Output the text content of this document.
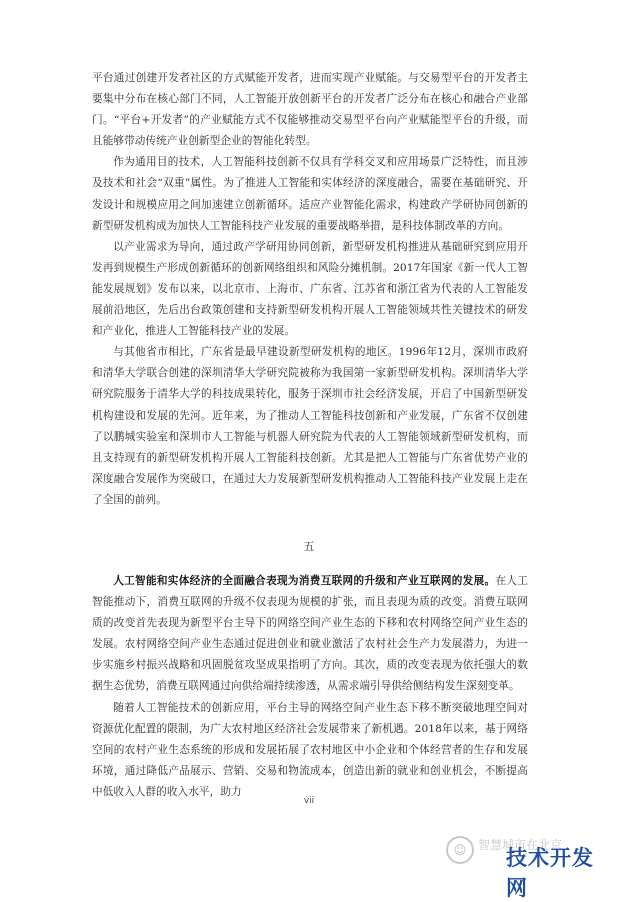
平台通过创建开发者社区的方式赋能开发者，进而实现产业赋能。与交易型平台的开发者主要集中分布在核心部门不同，人工智能开放创新平台的开发者广泛分布在核心和融合产业部门。“平台+开发者”的产业赋能方式不仅能够推动交易型平台向产业赋能型平台的升级，而且能够带动传统产业创新型企业的智能化转型。

作为通用目的技术，人工智能科技创新不仅具有学科交叉和应用场景广泛特性，而且涉及技术和社会“双重”属性。为了推进人工智能和实体经济的深度融合，需要在基础研究、开发设计和规模应用之间加速建立创新循环。适应产业智能化需求，构建政产学研协同创新的新型研发机构成为加快人工智能科技产业发展的重要战略举措，是科技体制改革的方向。

以产业需求为导向，通过政产学研用协同创新，新型研发机构推进从基础研究到应用开发再到规模生产形成创新循环的创新网络组织和风险分摊机制。2017年国家《新一代人工智能发展规划》发布以来，以北京市、上海市、广东省、江苏省和浙江省为代表的人工智能发展前沿地区，先后出台政策创建和支持新型研发机构开展人工智能领域共性关键技术的研发和产业化，推进人工智能科技产业的发展。

与其他省市相比，广东省是最早建设新型研发机构的地区。1996年12月，深圳市政府和清华大学联合创建的深圳清华大学研究院被称为我国第一家新型研发机构。深圳清华大学研究院服务于清华大学的科技成果转化，服务于深圳市社会经济发展，开启了中国新型研发机构建设和发展的先河。近年来，为了推动人工智能科技创新和产业发展，广东省不仅创建了以鹏城实验室和深圳市人工智能与机器人研究院为代表的人工智能领域新型研发机构，而且支持现有的新型研发机构开展人工智能科技创新。尤其是把人工智能与广东省优势产业的深度融合发展作为突破口，在通过大力发展新型研发机构推动人工智能科技产业发展上走在了全国的前列。

五

人工智能和实体经济的全面融合表现为消费互联网的升级和产业互联网的发展。在人工智能推动下，消费互联网的升级不仅表现为规模的扩张，而且表现为质的改变。消费互联网质的改变首先表现为新型平台主导下的网络空间产业生态的下移和农村网络空间产业生态的发展。农村网络空间产业生态通过促进创业和就业激活了农村社会生产力发展潜力，为进一步实施乡村振兴战略和巩固脱贫攻坚成果指明了方向。其次，质的改变表现为依托强大的数据生态优势，消费互联网通过向供给端持续渗透，从需求端引导供给侧结构发生深刻变革。

随着人工智能技术的创新应用，平台主导的网络空间产业生态下移不断突破地理空间对资源优化配置的限制，为广大农村地区经济社会发展带来了新机遇。2018年以来，基于网络空间的农村产业生态系统的形成和发展拓展了农村地区中小企业和个体经营者的生存和发展环境，通过降低产品展示、营销、交易和物流成本，创造出新的就业和创业机会，不断提高中低收入人群的收入水平，助力

vii
☺ 智慧城市在北京
技术开发网
